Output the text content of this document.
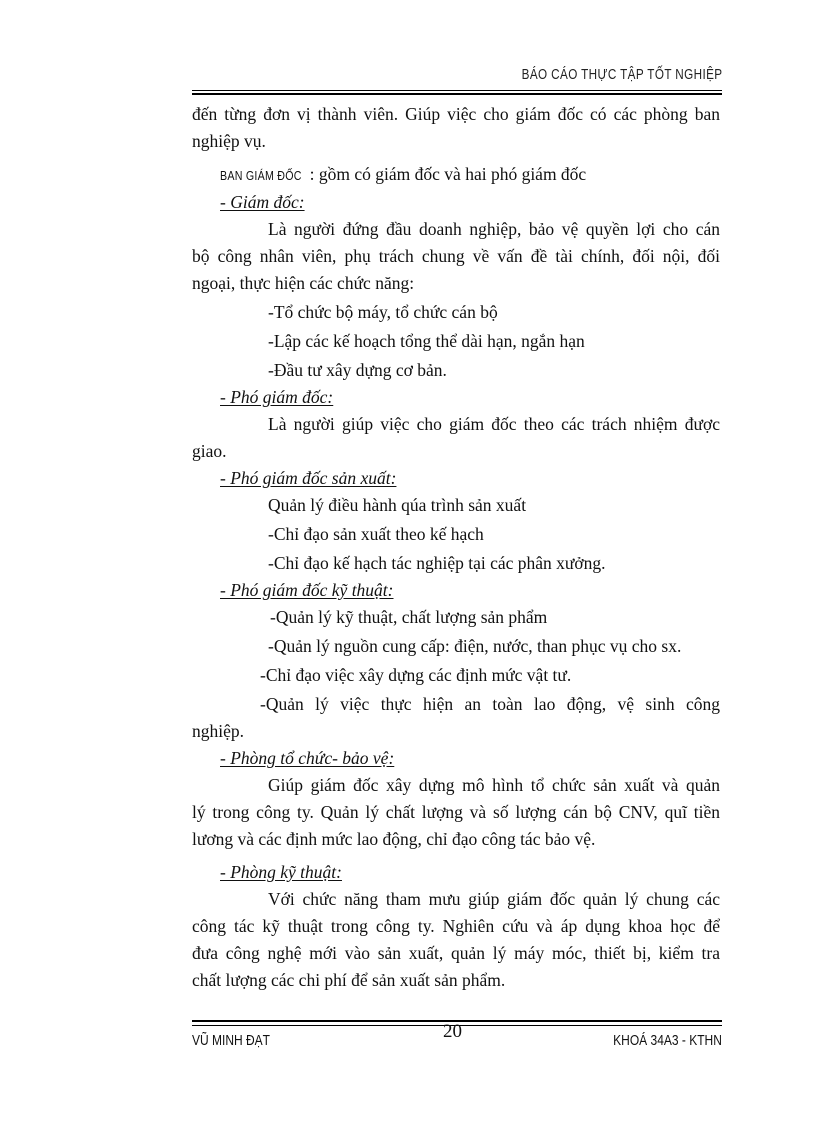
BÁO CÁO THỰC TẬP TỐT NGHIỆP
đến từng đơn vị thành viên. Giúp việc cho giám đốc có các phòng ban
nghiệp vụ.
BAN GIÁM ĐỐC : gồm có giám đốc và hai phó giám đốc
- Giám đốc:
Là người đứng đầu doanh nghiệp, bảo vệ quyền lợi cho cán
bộ công nhân viên, phụ trách chung về vấn đề tài chính, đối nội, đối
ngoại, thực hiện các chức năng:
-Tổ chức bộ máy, tổ chức cán bộ
-Lập các kế hoạch tổng thể dài hạn, ngắn hạn
-Đầu tư xây dựng cơ bản.
- Phó giám đốc:
Là người giúp việc cho giám đốc theo các trách nhiệm được
giao.
- Phó giám đốc sản xuất:
Quản lý điều hành qúa trình sản xuất
-Chỉ đạo sản xuất theo kế hạch
-Chỉ đạo kế hạch tác nghiệp tại các phân xưởng.
- Phó giám đốc kỹ thuật:
-Quản lý kỹ thuật, chất lượng sản phẩm
-Quản lý nguồn cung cấp: điện, nước, than phục vụ cho sx.
-Chỉ đạo việc xây dựng các định mức vật tư.
-Quản lý việc thực hiện an toàn lao động, vệ sinh công
nghiệp.
- Phòng tổ chức- bảo vệ:
Giúp giám đốc xây dựng mô hình tổ chức sản xuất và quản
lý trong công ty. Quản lý chất lượng và số lượng cán bộ CNV, quĩ tiền
lương và các định mức lao động, chỉ đạo công tác bảo vệ.
- Phòng kỹ thuật:
Với chức năng tham mưu giúp giám đốc quản lý chung các
công tác kỹ thuật trong công ty. Nghiên cứu và áp dụng khoa học để
đưa công nghệ mới vào sản xuất, quản lý máy móc, thiết bị, kiểm tra
chất lượng các chi phí để sản xuất sản phẩm.
VŨ MINH ĐẠT	20	KHOÁ 34A3 - KTHN
